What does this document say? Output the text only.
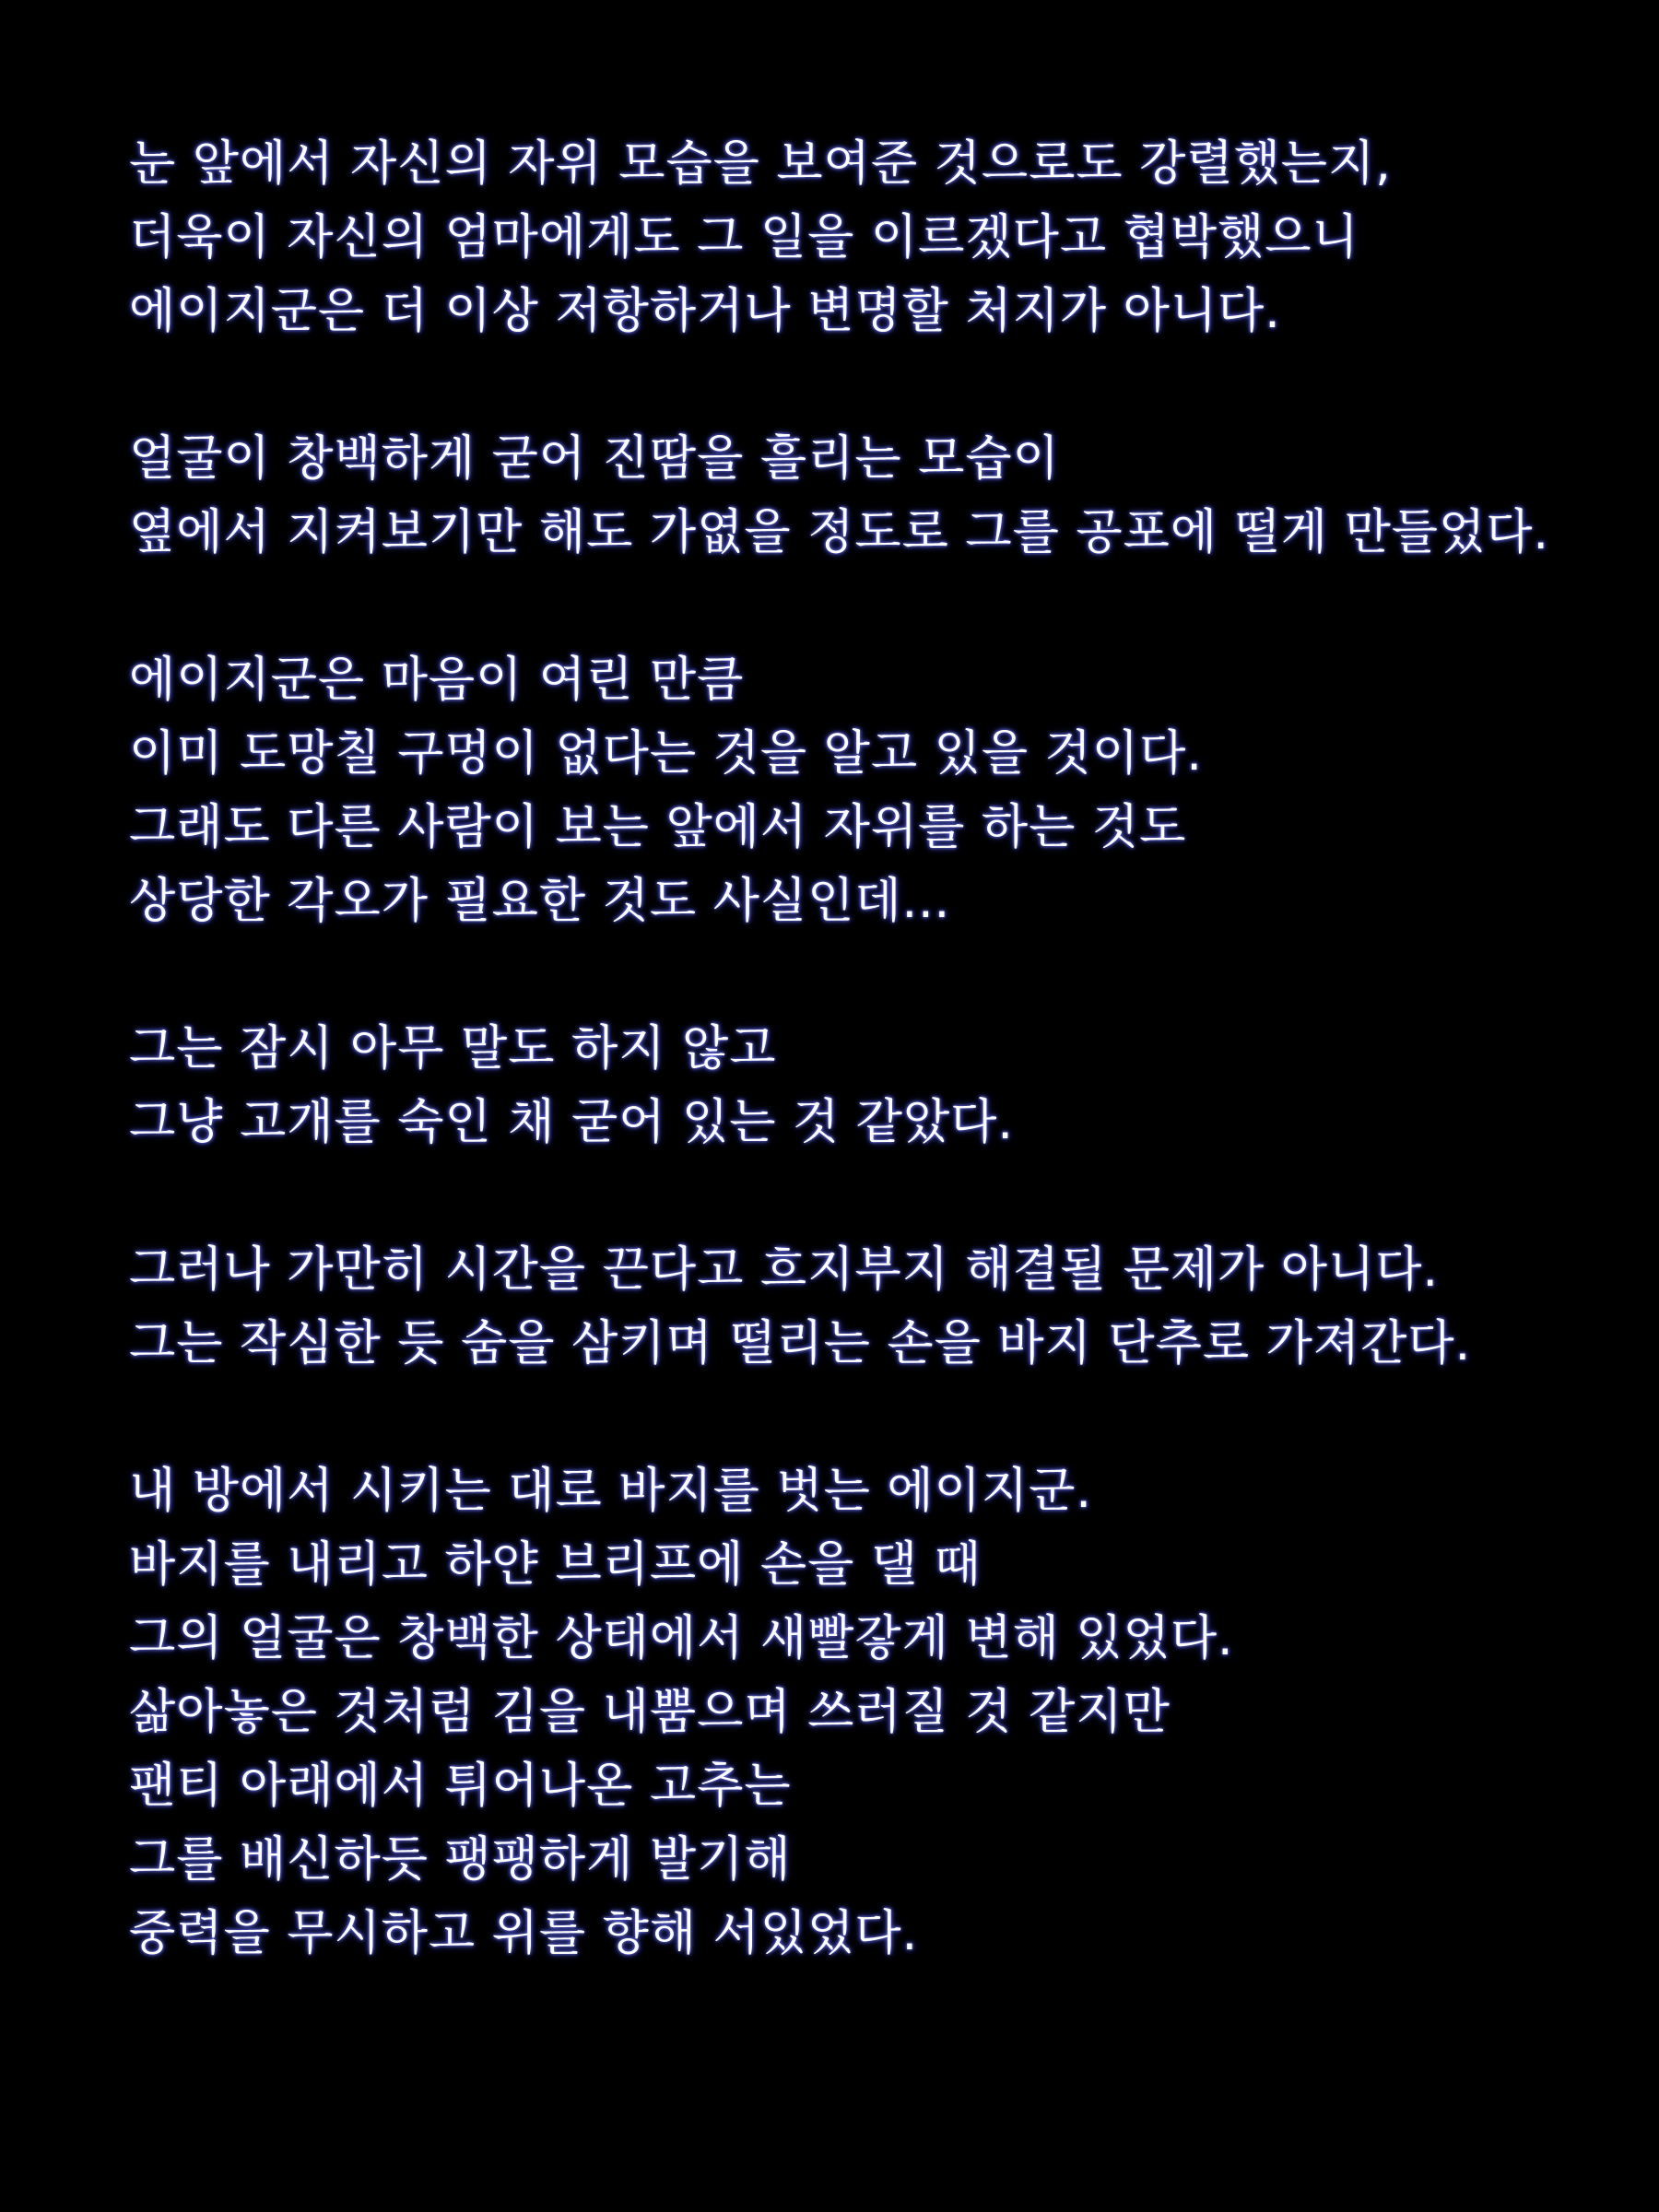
눈 앞에서 자신의 자위 모습을 보여준 것으로도 강렬했는지,
더욱이 자신의 엄마에게도 그 일을 이르겠다고 협박했으니
에이지군은 더 이상 저항하거나 변명할 처지가 아니다.
얼굴이 창백하게 굳어 진땀을 흘리는 모습이
옆에서 지켜보기만 해도 가엾을 정도로 그를 공포에 떨게 만들었다.
에이지군은 마음이 여린 만큼
이미 도망칠 구멍이 없다는 것을 알고 있을 것이다.
그래도 다른 사람이 보는 앞에서 자위를 하는 것도
상당한 각오가 필요한 것도 사실인데...
그는 잠시 아무 말도 하지 않고
그냥 고개를 숙인 채 굳어 있는 것 같았다.
그러나 가만히 시간을 끈다고 흐지부지 해결될 문제가 아니다.
그는 작심한 듯 숨을 삼키며 떨리는 손을 바지 단추로 가져간다.
내 방에서 시키는 대로 바지를 벗는 에이지군.
바지를 내리고 하얀 브리프에 손을 댈 때
그의 얼굴은 창백한 상태에서 새빨갛게 변해 있었다.
삶아놓은 것처럼 김을 내뿜으며 쓰러질 것 같지만
팬티 아래에서 튀어나온 고추는
그를 배신하듯 팽팽하게 발기해
중력을 무시하고 위를 향해 서있었다.
